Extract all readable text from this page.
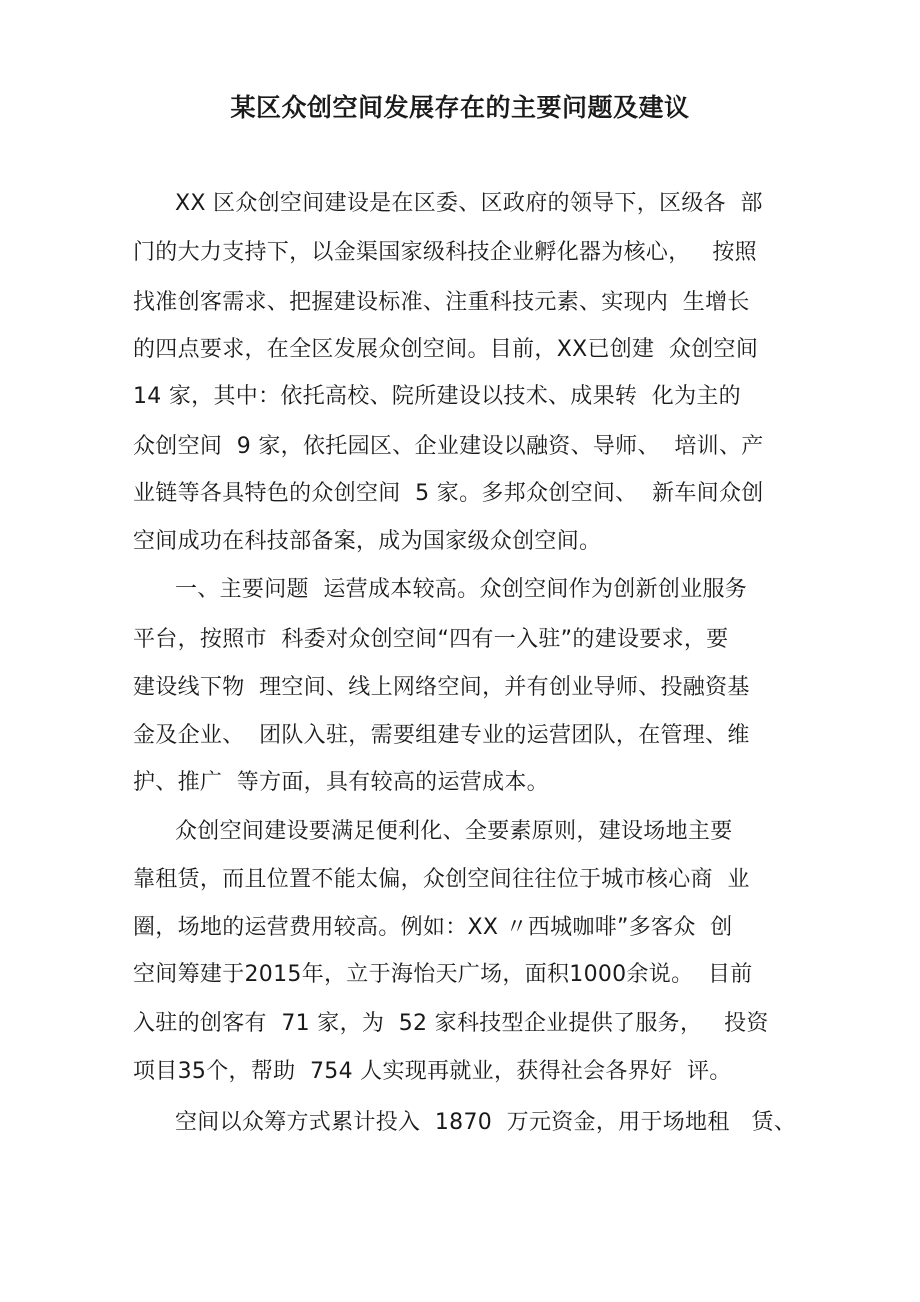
某区众创空间发展存在的主要问题及建议
XX 区众创空间建设是在区委、区政府的领导下，区级各  部
门的大力支持下，以金渠国家级科技企业孵化器为核心，   按照
找准创客需求、把握建设标准、注重科技元素、实现内  生增长
的四点要求，在全区发展众创空间。目前，XX已创建  众创空间
14 家，其中：依托高校、院所建设以技术、成果转  化为主的
众创空间  9 家，依托园区、企业建设以融资、导师、  培训、产
业链等各具特色的众创空间  5 家。多邦众创空间、  新车间众创
空间成功在科技部备案，成为国家级众创空间。
一、主要问题  运营成本较高。众创空间作为创新创业服务
平台，按照市  科委对众创空间“四有一入驻”的建设要求，要
建设线下物  理空间、线上网络空间，并有创业导师、投融资基
金及企业、  团队入驻，需要组建专业的运营团队，在管理、维
护、推广  等方面，具有较高的运营成本。
众创空间建设要满足便利化、全要素原则，建设场地主要
靠租赁，而且位置不能太偏，众创空间往往位于城市核心商  业
圈，场地的运营费用较高。例如：XX 〃西城咖啡”多客众  创
空间筹建于2015年，立于海怡天广场，面积1000余说。  目前
入驻的创客有  71 家，为  52 家科技型企业提供了服务，   投资
项目35个，帮助  754 人实现再就业，获得社会各界好  评。
空间以众筹方式累计投入  1870  万元资金，用于场地租   赁、
